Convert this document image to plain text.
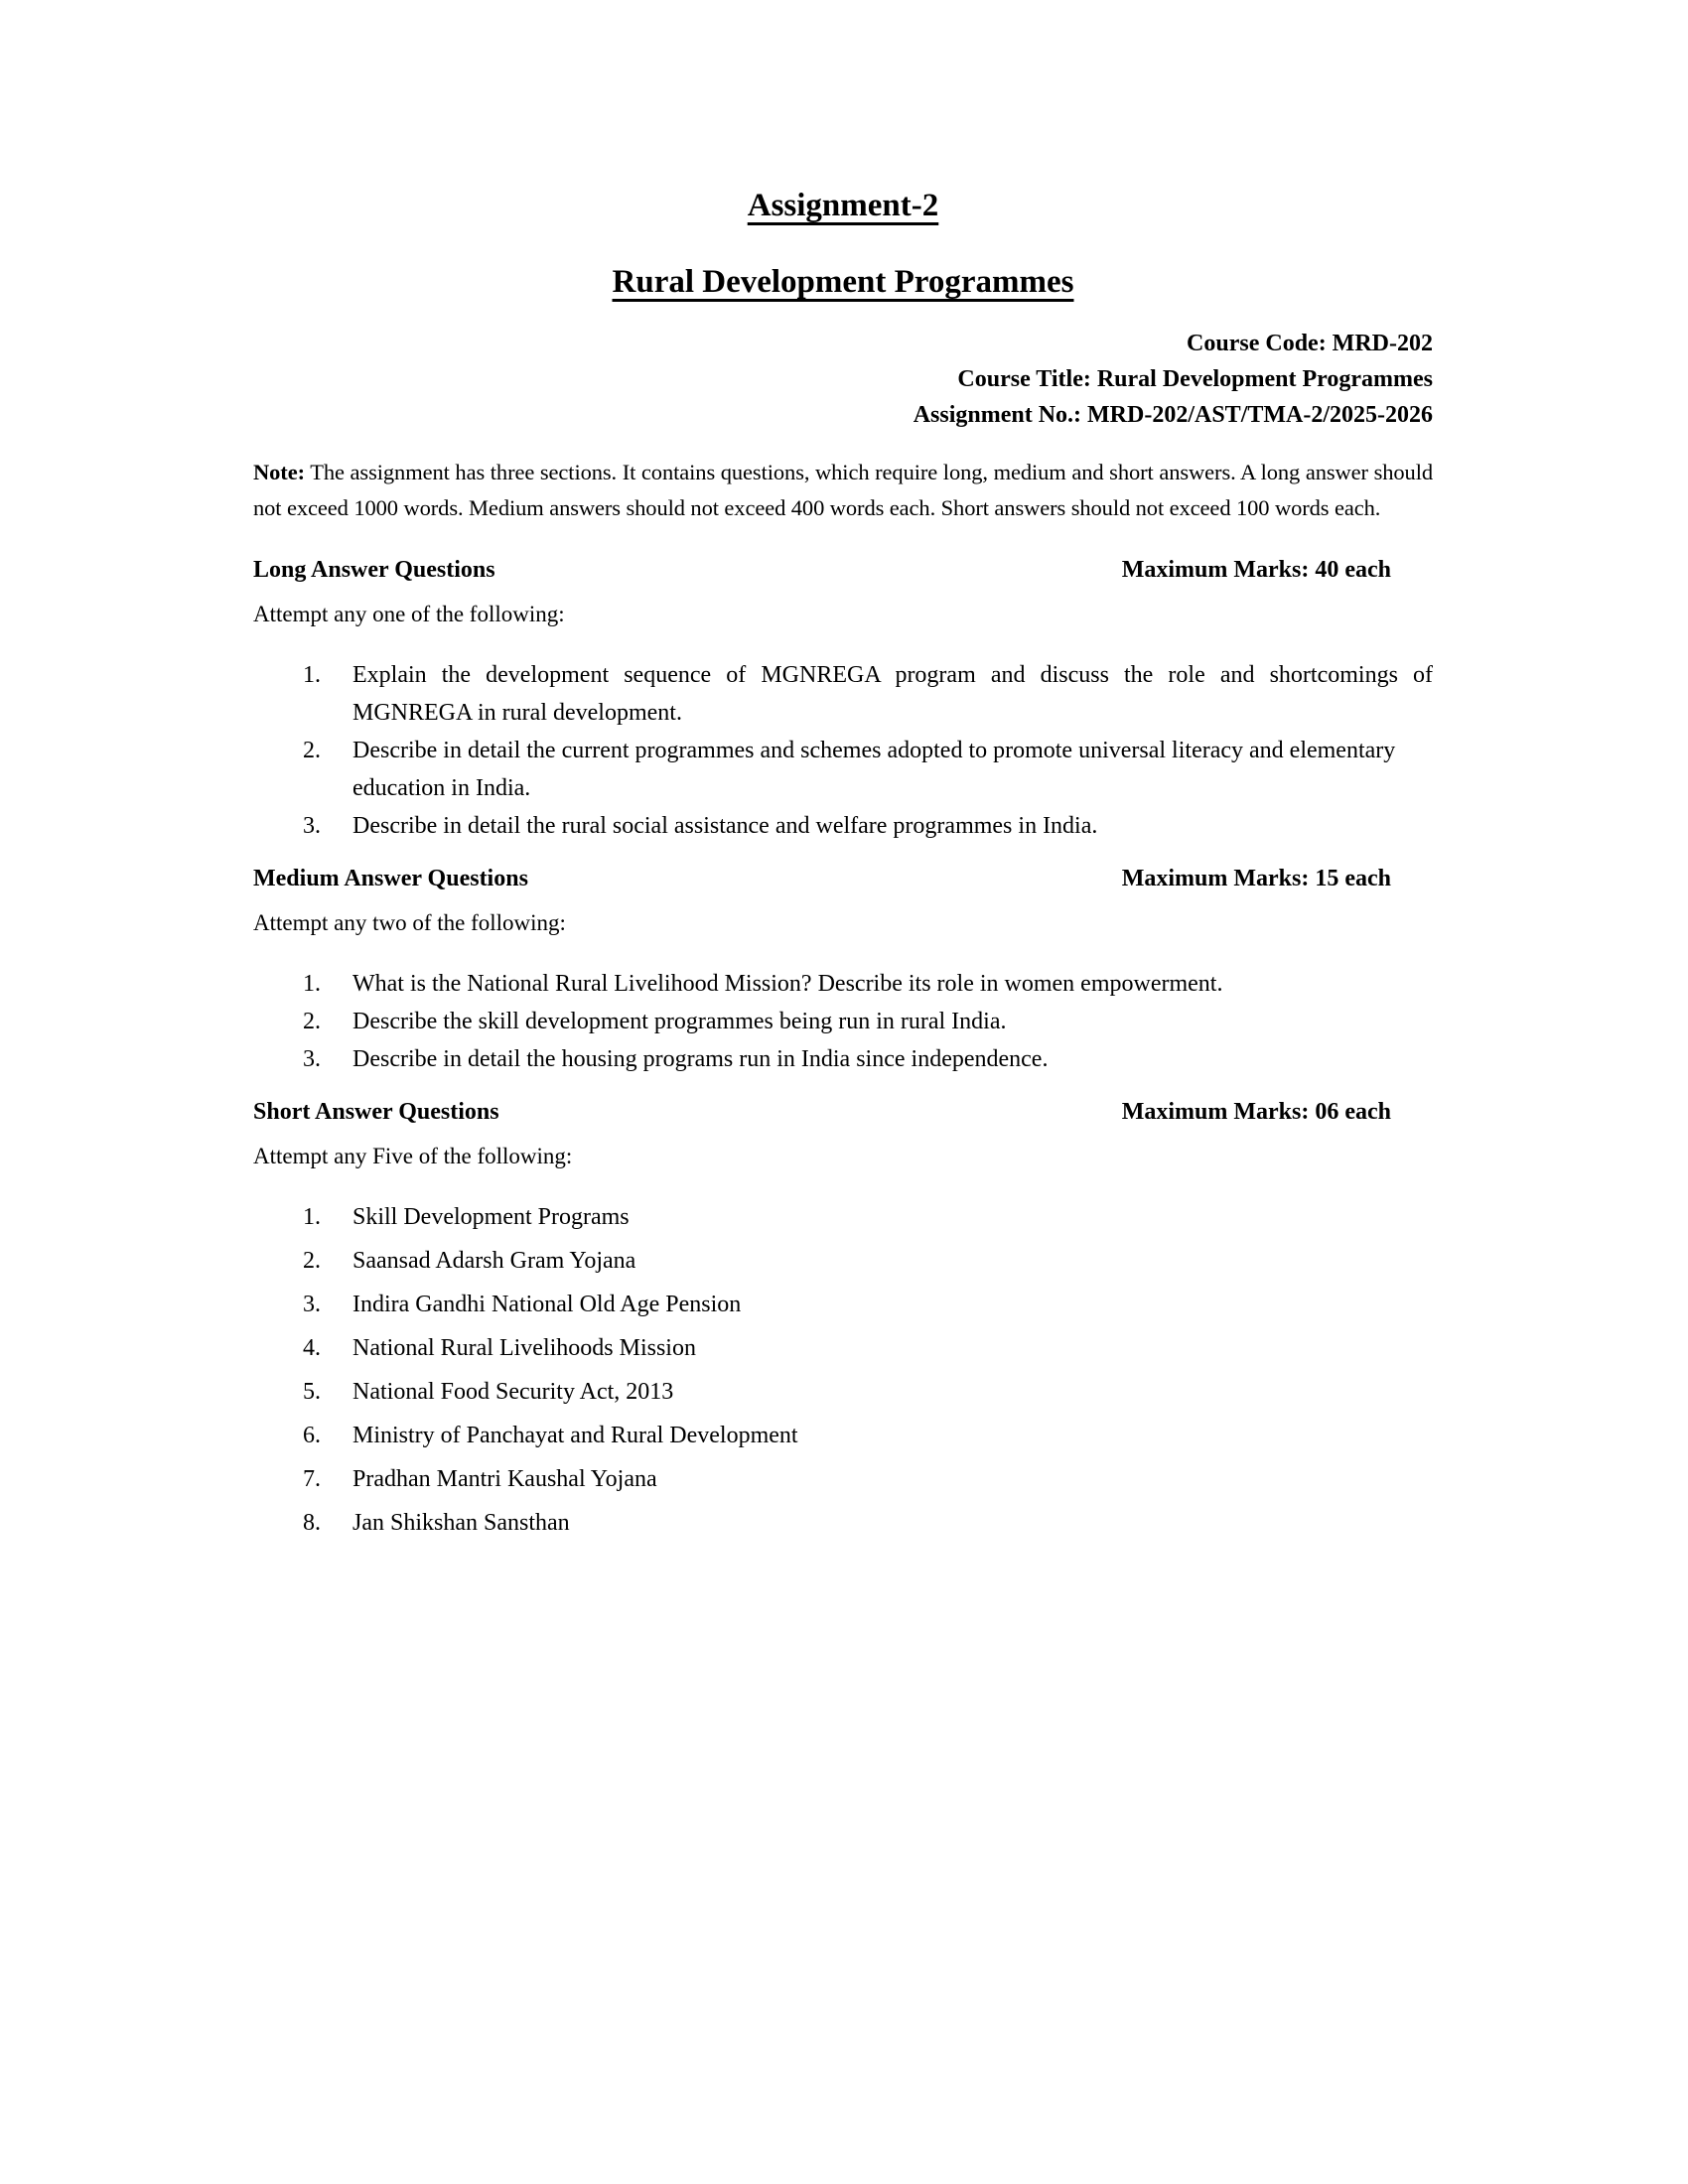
Assignment-2
Rural Development Programmes
Course Code: MRD-202
Course Title: Rural Development Programmes
Assignment No.: MRD-202/AST/TMA-2/2025-2026

Note: The assignment has three sections. It contains questions, which require long, medium and short answers. A long answer should not exceed 1000 words. Medium answers should not exceed 400 words each. Short answers should not exceed 100 words each.

Long Answer Questions	Maximum Marks: 40 each

Attempt any one of the following:

1.	Explain the development sequence of MGNREGA program and discuss the role and shortcomings of MGNREGA in rural development.
2.	Describe in detail the current programmes and schemes adopted to promote universal literacy and elementary education in India.
3.	Describe in detail the rural social assistance and welfare programmes in India.
Medium Answer Questions	Maximum Marks: 15 each

Attempt any two of the following:

1.	What is the National Rural Livelihood Mission? Describe its role in women empowerment.
2.	Describe the skill development programmes being run in rural India.
3.	Describe in detail the housing programs run in India since independence.
Short Answer Questions	Maximum Marks: 06 each

Attempt any Five of the following:

1.	Skill Development Programs
2.	Saansad Adarsh Gram Yojana
3.	Indira Gandhi National Old Age Pension
4.	National Rural Livelihoods Mission
5.	National Food Security Act, 2013
6.	Ministry of Panchayat and Rural Development
7.	Pradhan Mantri Kaushal Yojana
8.	Jan Shikshan Sansthan
